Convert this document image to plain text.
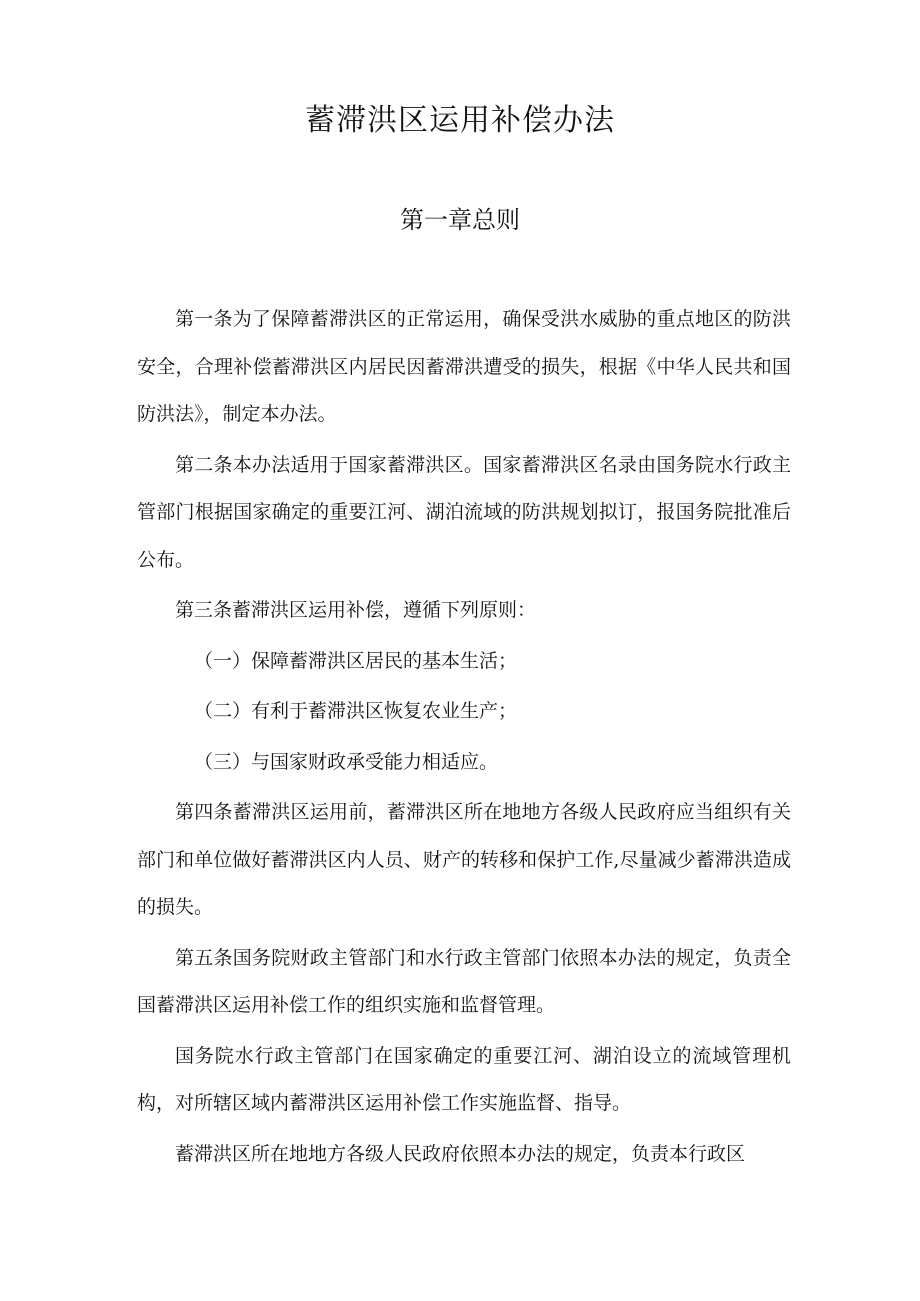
蓄滞洪区运用补偿办法
第一章总则

第一条为了保障蓄滞洪区的正常运用，确保受洪水威胁的重点地区的防洪安全，合理补偿蓄滞洪区内居民因蓄滞洪遭受的损失，根据《中华人民共和国防洪法》，制定本办法。

第二条本办法适用于国家蓄滞洪区。国家蓄滞洪区名录由国务院水行政主管部门根据国家确定的重要江河、湖泊流域的防洪规划拟订，报国务院批准后公布。

第三条蓄滞洪区运用补偿，遵循下列原则：

（一）保障蓄滞洪区居民的基本生活；

（二）有利于蓄滞洪区恢复农业生产；

（三）与国家财政承受能力相适应。

第四条蓄滞洪区运用前，蓄滞洪区所在地地方各级人民政府应当组织有关部门和单位做好蓄滞洪区内人员、财产的转移和保护工作,尽量减少蓄滞洪造成的损失。

第五条国务院财政主管部门和水行政主管部门依照本办法的规定，负责全国蓄滞洪区运用补偿工作的组织实施和监督管理。

国务院水行政主管部门在国家确定的重要江河、湖泊设立的流域管理机构，对所辖区域内蓄滞洪区运用补偿工作实施监督、指导。

蓄滞洪区所在地地方各级人民政府依照本办法的规定，负责本行政区
